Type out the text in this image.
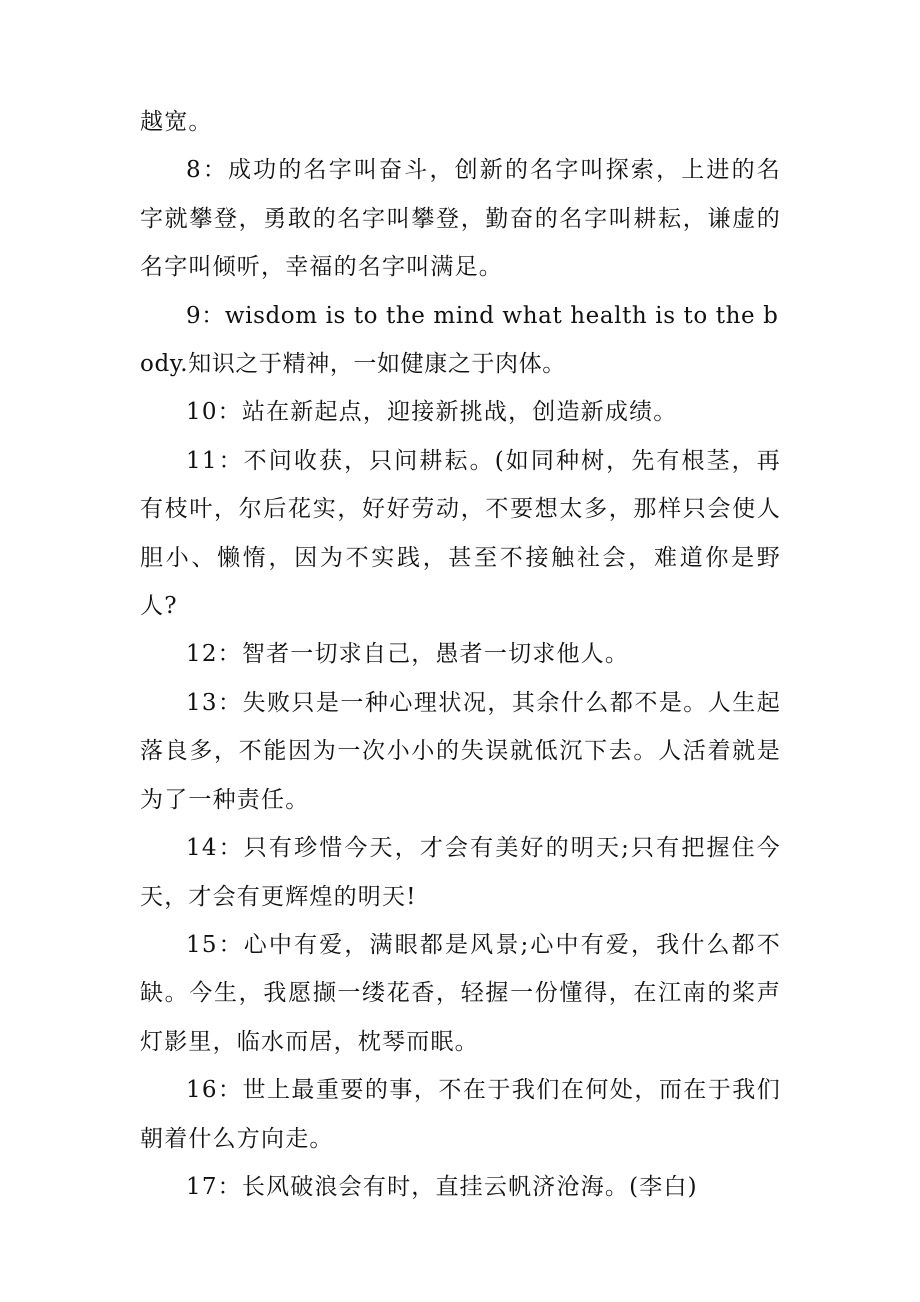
越宽。

8：成功的名字叫奋斗，创新的名字叫探索，上进的名字就攀登，勇敢的名字叫攀登，勤奋的名字叫耕耘，谦虚的名字叫倾听，幸福的名字叫满足。

9：wisdom is to the mind what health is to the body.知识之于精神，一如健康之于肉体。

10：站在新起点，迎接新挑战，创造新成绩。

11：不问收获，只问耕耘。(如同种树，先有根茎，再有枝叶，尔后花实，好好劳动，不要想太多，那样只会使人胆小、懒惰，因为不实践，甚至不接触社会，难道你是野人?

12：智者一切求自己，愚者一切求他人。

13：失败只是一种心理状况，其余什么都不是。人生起落良多，不能因为一次小小的失误就低沉下去。人活着就是为了一种责任。

14：只有珍惜今天，才会有美好的明天;只有把握住今天，才会有更辉煌的明天!

15：心中有爱，满眼都是风景;心中有爱，我什么都不缺。今生，我愿撷一缕花香，轻握一份懂得，在江南的桨声灯影里，临水而居，枕琴而眠。

16：世上最重要的事，不在于我们在何处，而在于我们朝着什么方向走。

17：长风破浪会有时，直挂云帆济沧海。(李白)
